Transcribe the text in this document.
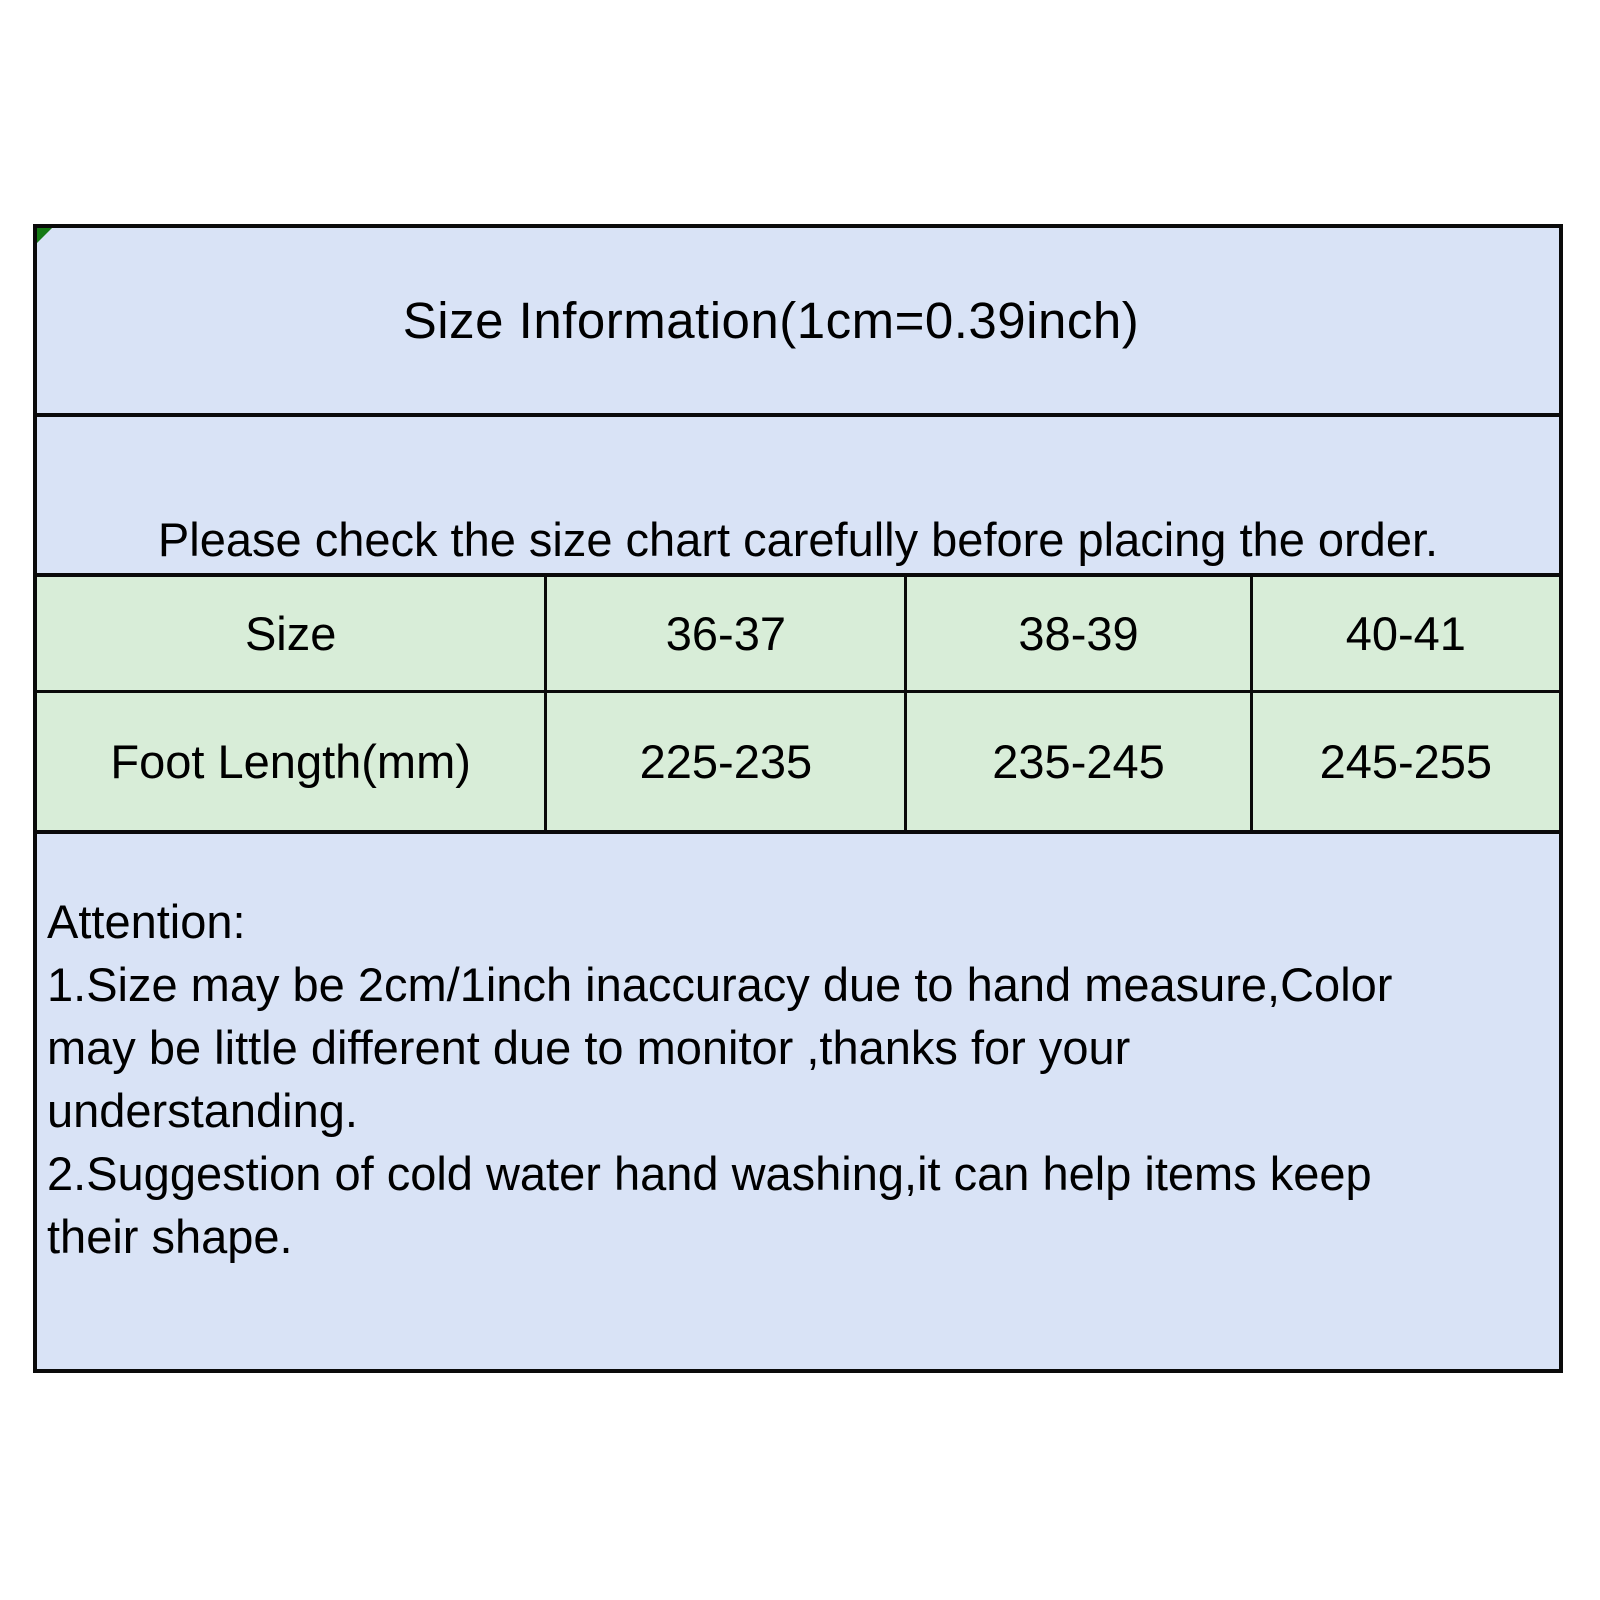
Size Information(1cm=0.39inch)
Please check the size chart carefully before placing the order.
Size	36-37	38-39	40-41
Foot Length(mm)	225-235	235-245	245-255
Attention:
1.Size may be 2cm/1inch inaccuracy due to hand measure,Color
may be little different due to monitor ,thanks for your
understanding.
2.Suggestion of cold water hand washing,it can help items keep
their shape.
